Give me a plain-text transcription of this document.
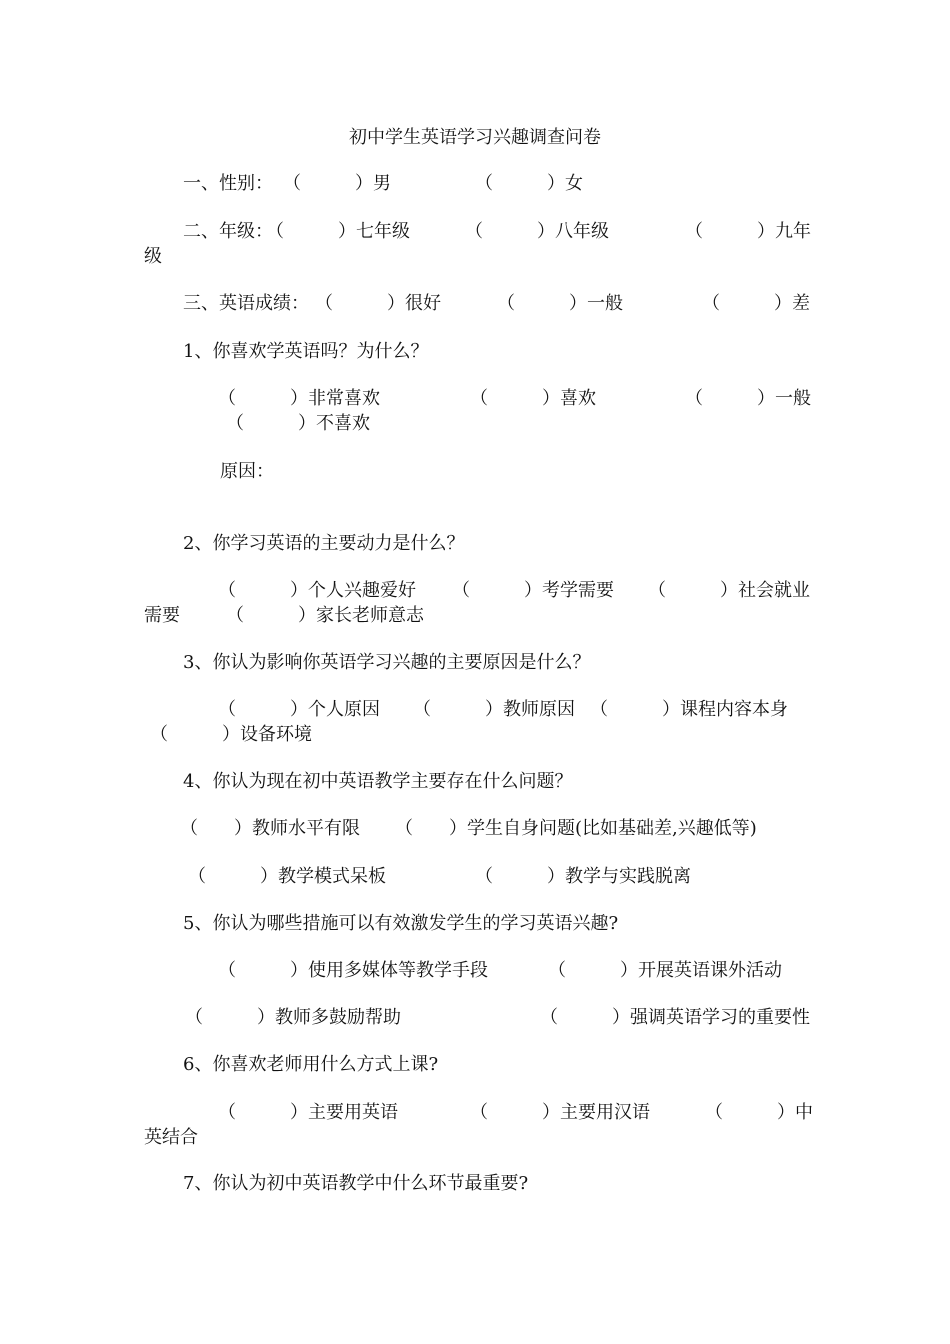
初中学生英语学习兴趣调查问卷
一、性别： （　　　）男	（　　　）女
二、年级：
（　　　）七年级	（　　　）八年级	（　　　）九年
级
三、英语成绩： （　　　）很好	（　　　）一般	（　　　）差
1、你喜欢学英语吗？为什么？
（　　　）非常喜欢	（　　　）喜欢	（　　　）一般
（　　　）不喜欢
原因：
2、你学习英语的主要动力是什么？
（　　　）个人兴趣爱好 （　　　）考学需要 （　　　）社会就业
需要	（　　　）家长老师意志
3、你认为影响你英语学习兴趣的主要原因是什么？
（　　　）个人原因 （　　　）教师原因 （　　　）课程内容本身
（　　　）设备环境
4、你认为现在初中英语教学主要存在什么问题？
（　　）教师水平有限 （　　）学生自身问题(比如基础差,兴趣低等)
（　　　）教学模式呆板	（　　　）教学与实践脱离
5、你认为哪些措施可以有效激发学生的学习英语兴趣?
（　　　）使用多媒体等教学手段	（　　　）开展英语课外活动
（　　　）教师多鼓励帮助	（　　　）强调英语学习的重要性
6、你喜欢老师用什么方式上课?
（　　　）主要用英语	（　　　）主要用汉语	（　　　）中
英结合
7、你认为初中英语教学中什么环节最重要?
